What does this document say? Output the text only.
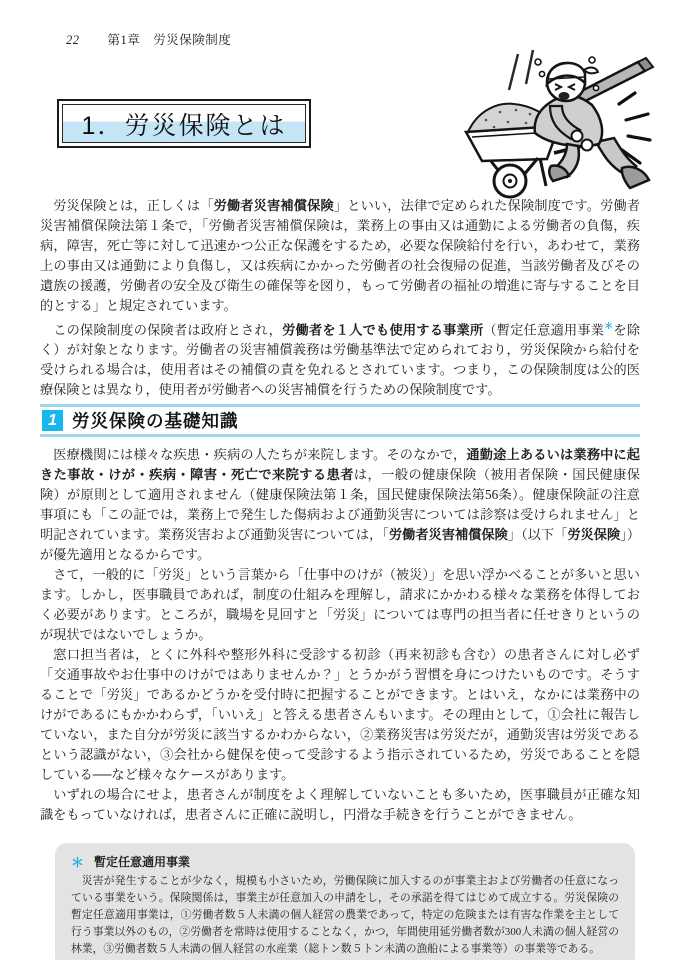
22 第1章　労災保険制度
1．労災保険とは

労災保険とは，正しくは「労働者災害補償保険」といい，法律で定められた保険制度です。労働者災害補償保険法第１条で，「労働者災害補償保険は，業務上の事由又は通勤による労働者の負傷，疾病，障害，死亡等に対して迅速かつ公正な保護をするため，必要な保険給付を行い，あわせて，業務上の事由又は通勤により負傷し，又は疾病にかかった労働者の社会復帰の促進，当該労働者及びその遺族の援護，労働者の安全及び衛生の確保等を図り，もって労働者の福祉の増進に寄与することを目的とする」と規定されています。

この保険制度の保険者は政府とされ，労働者を１人でも使用する事業所（暫定任意適用事業＊を除く）が対象となります。労働者の災害補償義務は労働基準法で定められており，労災保険から給付を受けられる場合は，使用者はその補償の責を免れるとされています。つまり，この保険制度は公的医療保険とは異なり，使用者が労働者への災害補償を行うための保険制度です。

1 労災保険の基礎知識

医療機関には様々な疾患・疾病の人たちが来院します。そのなかで，通勤途上あるいは業務中に起きた事故・けが・疾病・障害・死亡で来院する患者は，一般の健康保険（被用者保険・国民健康保険）が原則として適用されません（健康保険法第１条，国民健康保険法第56条）。健康保険証の注意事項にも「この証では，業務上で発生した傷病および通勤災害については診察は受けられません」と明記されています。業務災害および通勤災害については，「労働者災害補償保険」（以下「労災保険」）が優先適用となるからです。

さて，一般的に「労災」という言葉から「仕事中のけが（被災）」を思い浮かべることが多いと思います。しかし，医事職員であれば，制度の仕組みを理解し，請求にかかわる様々な業務を体得しておく必要があります。ところが，職場を見回すと「労災」については専門の担当者に任せきりというのが現状ではないでしょうか。

窓口担当者は，とくに外科や整形外科に受診する初診（再来初診も含む）の患者さんに対し必ず「交通事故やお仕事中のけがではありませんか？」とうかがう習慣を身につけたいものです。そうすることで「労災」であるかどうかを受付時に把握することができます。とはいえ，なかには業務中のけがであるにもかかわらず，「いいえ」と答える患者さんもいます。その理由として，①会社に報告していない，また自分が労災に該当するかわからない，②業務災害は労災だが，通勤災害は労災であるという認識がない，③会社から健保を使って受診するよう指示されているため，労災であることを隠している──など様々なケースがあります。

いずれの場合にせよ，患者さんが制度をよく理解していないことも多いため，医事職員が正確な知識をもっていなければ，患者さんに正確に説明し，円滑な手続きを行うことができません。

＊ 暫定任意適用事業

災害が発生することが少なく，規模も小さいため，労働保険に加入するのが事業主および労働者の任意になっている事業をいう。保険関係は，事業主が任意加入の申請をし，その承諾を得てはじめて成立する。労災保険の暫定任意適用事業は，①労働者数５人未満の個人経営の農業であって，特定の危険または有害な作業を主として行う事業以外のもの，②労働者を常時は使用することなく，かつ，年間使用延労働者数が300人未満の個人経営の林業，③労働者数５人未満の個人経営の水産業（総トン数５トン未満の漁船による事業等）の事業等である。
